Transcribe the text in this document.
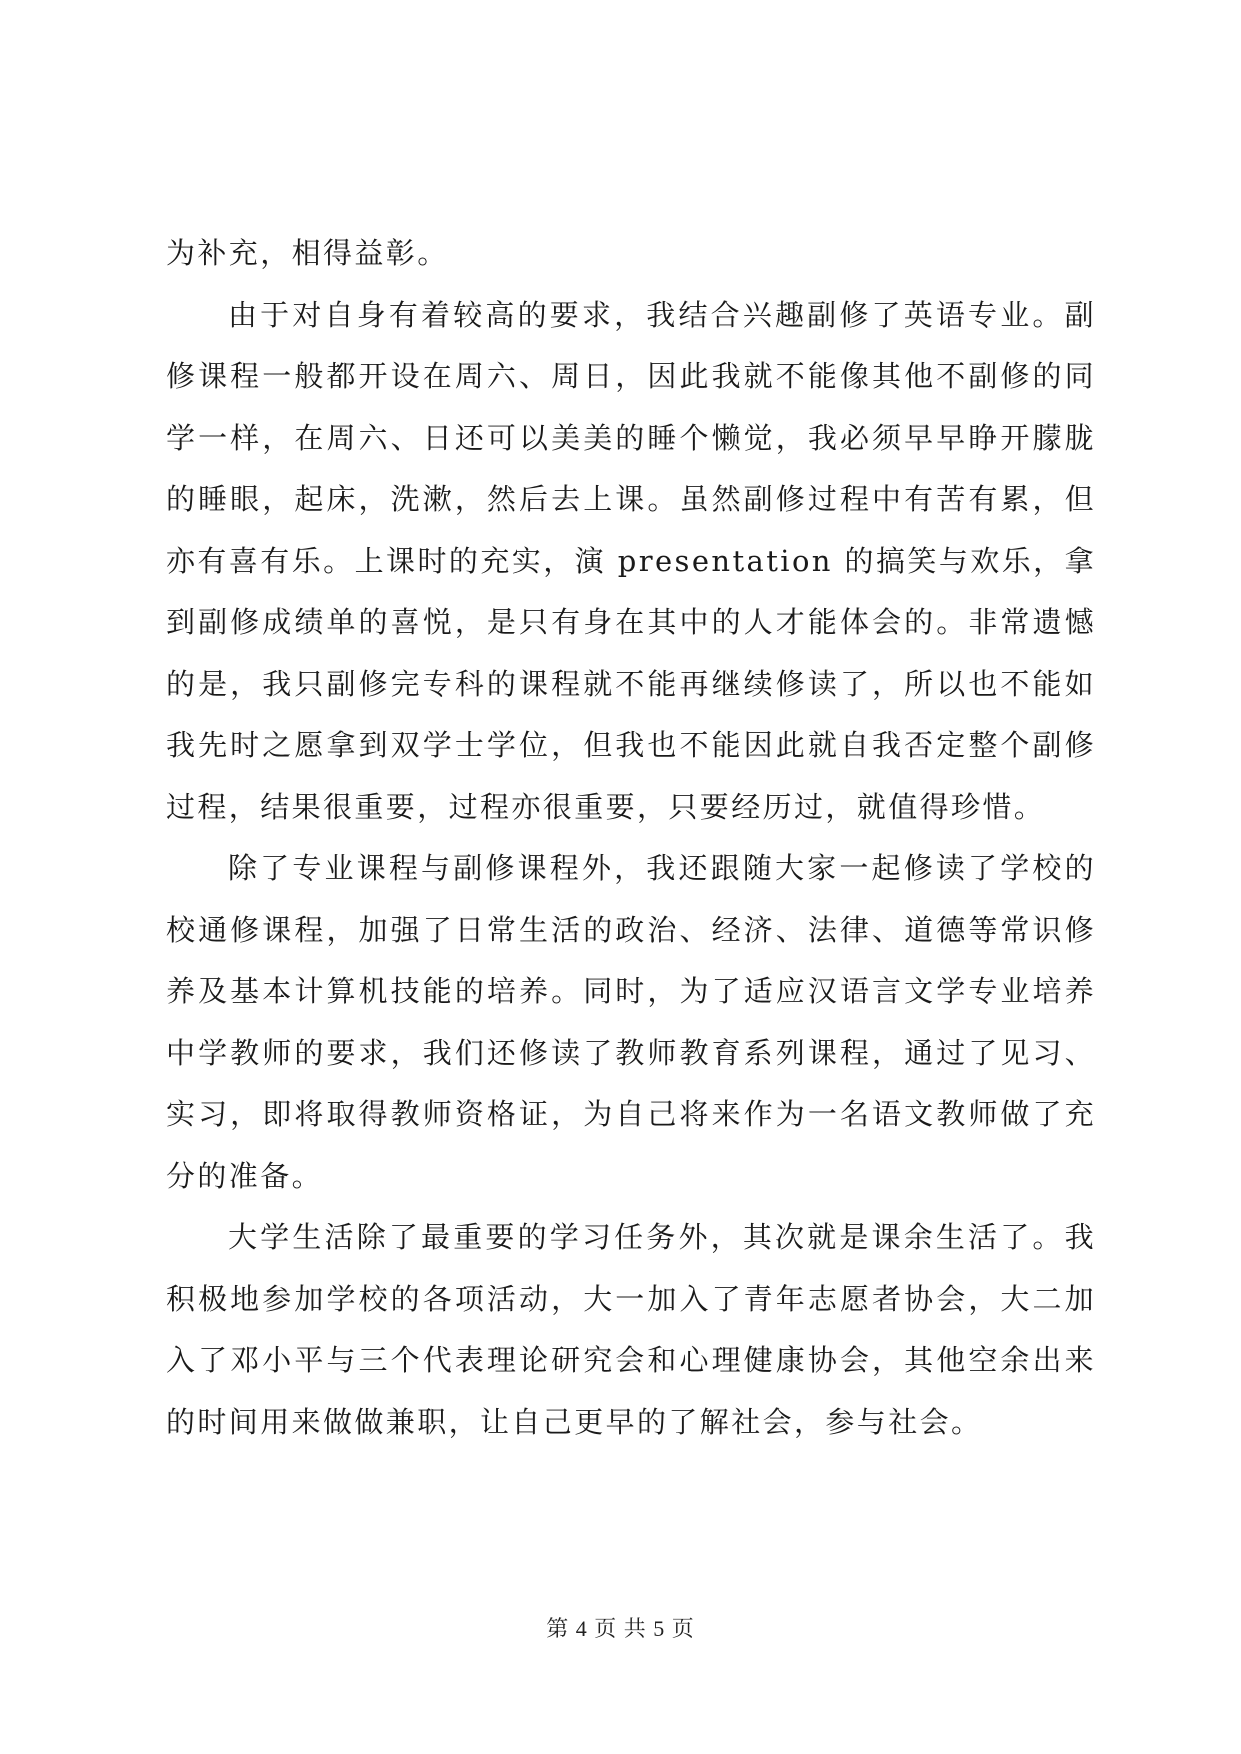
为补充，相得益彰。

由于对自身有着较高的要求，我结合兴趣副修了英语专业。副修课程一般都开设在周六、周日，因此我就不能像其他不副修的同学一样，在周六、日还可以美美的睡个懒觉，我必须早早睁开朦胧的睡眼，起床，洗漱，然后去上课。虽然副修过程中有苦有累，但亦有喜有乐。上课时的充实，演 presentation 的搞笑与欢乐，拿到副修成绩单的喜悦，是只有身在其中的人才能体会的。非常遗憾的是，我只副修完专科的课程就不能再继续修读了，所以也不能如我先时之愿拿到双学士学位，但我也不能因此就自我否定整个副修过程，结果很重要，过程亦很重要，只要经历过，就值得珍惜。

除了专业课程与副修课程外，我还跟随大家一起修读了学校的校通修课程，加强了日常生活的政治、经济、法律、道德等常识修养及基本计算机技能的培养。同时，为了适应汉语言文学专业培养中学教师的要求，我们还修读了教师教育系列课程，通过了见习、实习，即将取得教师资格证，为自己将来作为一名语文教师做了充分的准备。

大学生活除了最重要的学习任务外，其次就是课余生活了。我积极地参加学校的各项活动，大一加入了青年志愿者协会，大二加入了邓小平与三个代表理论研究会和心理健康协会，其他空余出来的时间用来做做兼职，让自己更早的了解社会，参与社会。

第 4 页 共 5 页
